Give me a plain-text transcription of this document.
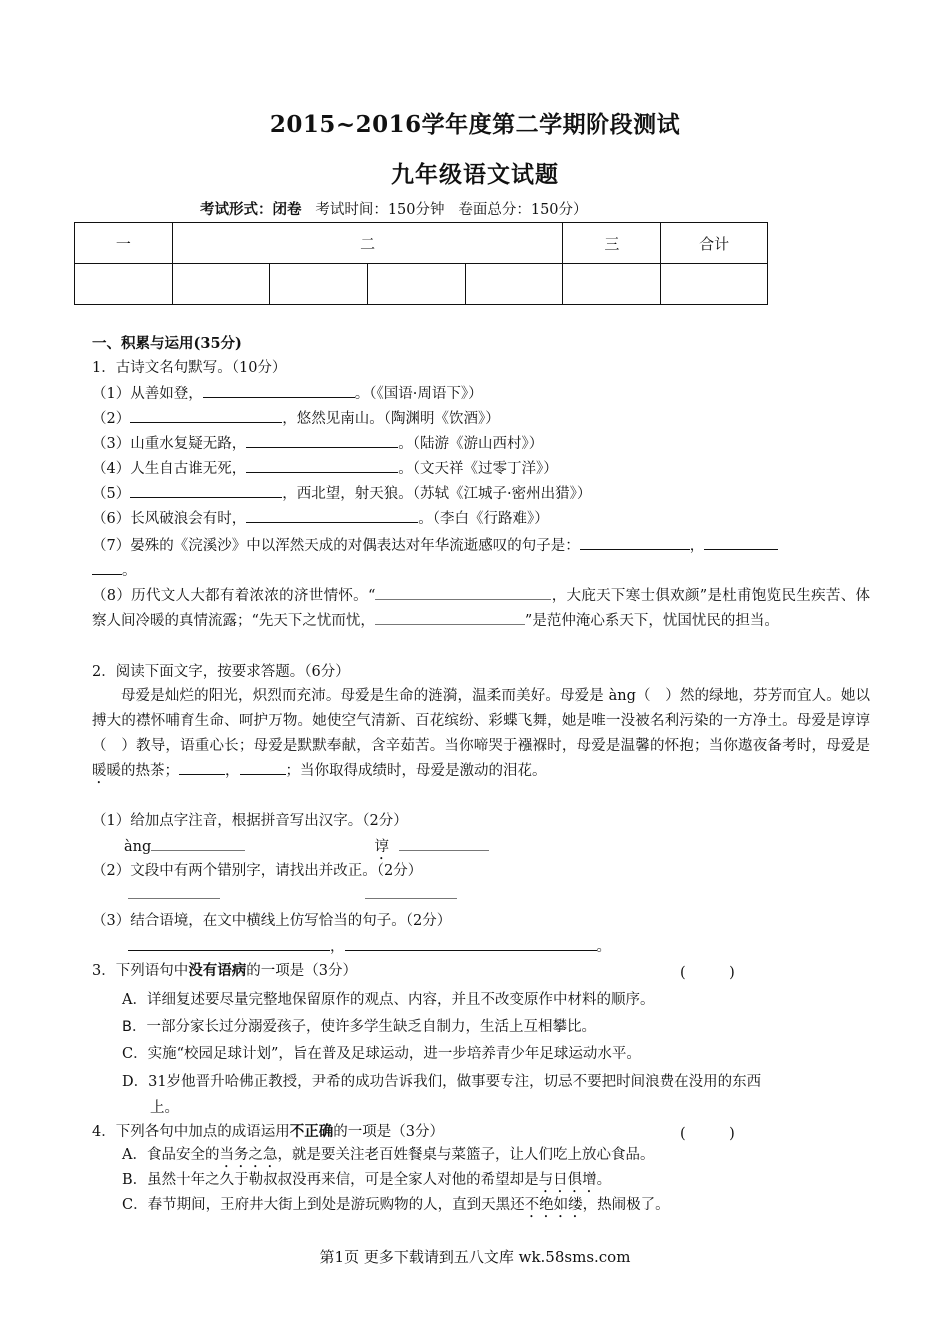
2015~2016学年度第二学期阶段测试
九年级语文试题
考试形式：闭卷 考试时间：150分钟 卷面总分：150分）
一	二				三	合计

一、积累与运用(35分)
1．古诗文名句默写。（10分）
（1）从善如登，	。（《国语·周语下》）
（2）	，悠然见南山。（陶渊明《饮酒》）
（3）山重水复疑无路，	。（陆游《游山西村》）
（4）人生自古谁无死，	。（文天祥《过零丁洋》）
（5）	，西北望，射天狼。（苏轼《江城子·密州出猎》）
（6）长风破浪会有时，	。（李白《行路难》）
（7）晏殊的《浣溪沙》中以浑然天成的对偶表达对年华流逝感叹的句子是：	，
。
（8）历代文人大都有着浓浓的济世情怀。“	，大庇天下寒士俱欢颜”是杜甫饱览民生疾苦、体察人间冷暖的真情流露；“先天下之忧而忧，	”是范仲淹心系天下，忧国忧民的担当。
2．阅读下面文字，按要求答题。（6分）
母爱是灿烂的阳光，炽烈而充沛。母爱是生命的涟漪，温柔而美好。母爱是 àng（　）然的绿地，芬芳而宜人。她以搏大的襟怀哺育生命、呵护万物。她使空气清新、百花缤纷、彩蝶飞舞，她是唯一没被名利污染的一方净土。母爱是谆谆（　）教导，语重心长；母爱是默默奉献，含辛茹苦。当你啼哭于襁褓时，母爱是温馨的怀抱；当你遨夜备考时，母爱是暖暖的热茶；	，	；当你取得成绩时，母爱是激动的泪花。
（1）给加点字注音，根据拼音写出汉字。（2分）
àng	谆
（2）文段中有两个错别字，请找出并改正。（2分）

（3）结合语境，在文中横线上仿写恰当的句子。（2分）
，	。
3．下列语句中没有语病的一项是（3分）	(　　　)
A．详细复述要尽量完整地保留原作的观点、内容，并且不改变原作中材料的顺序。
B．一部分家长过分溺爱孩子，使许多学生缺乏自制力，生活上互相攀比。
C．实施“校园足球计划”，旨在普及足球运动，进一步培养青少年足球运动水平。
D．31岁他晋升哈佛正教授，尹希的成功告诉我们，做事要专注，切忌不要把时间浪费在没用的东西
上。
4．下列各句中加点的成语运用不正确的一项是（3分）	(　　　)
A．食品安全的当务之急，就是要关注老百姓餐桌与菜篮子，让人们吃上放心食品。
B．虽然十年之久于勒叔叔没再来信，可是全家人对他的希望却是与日俱增。
C．春节期间，王府井大街上到处是游玩购物的人，直到天黑还不绝如缕，热闹极了。
第1页 更多下载请到五八文库 wk.58sms.com
